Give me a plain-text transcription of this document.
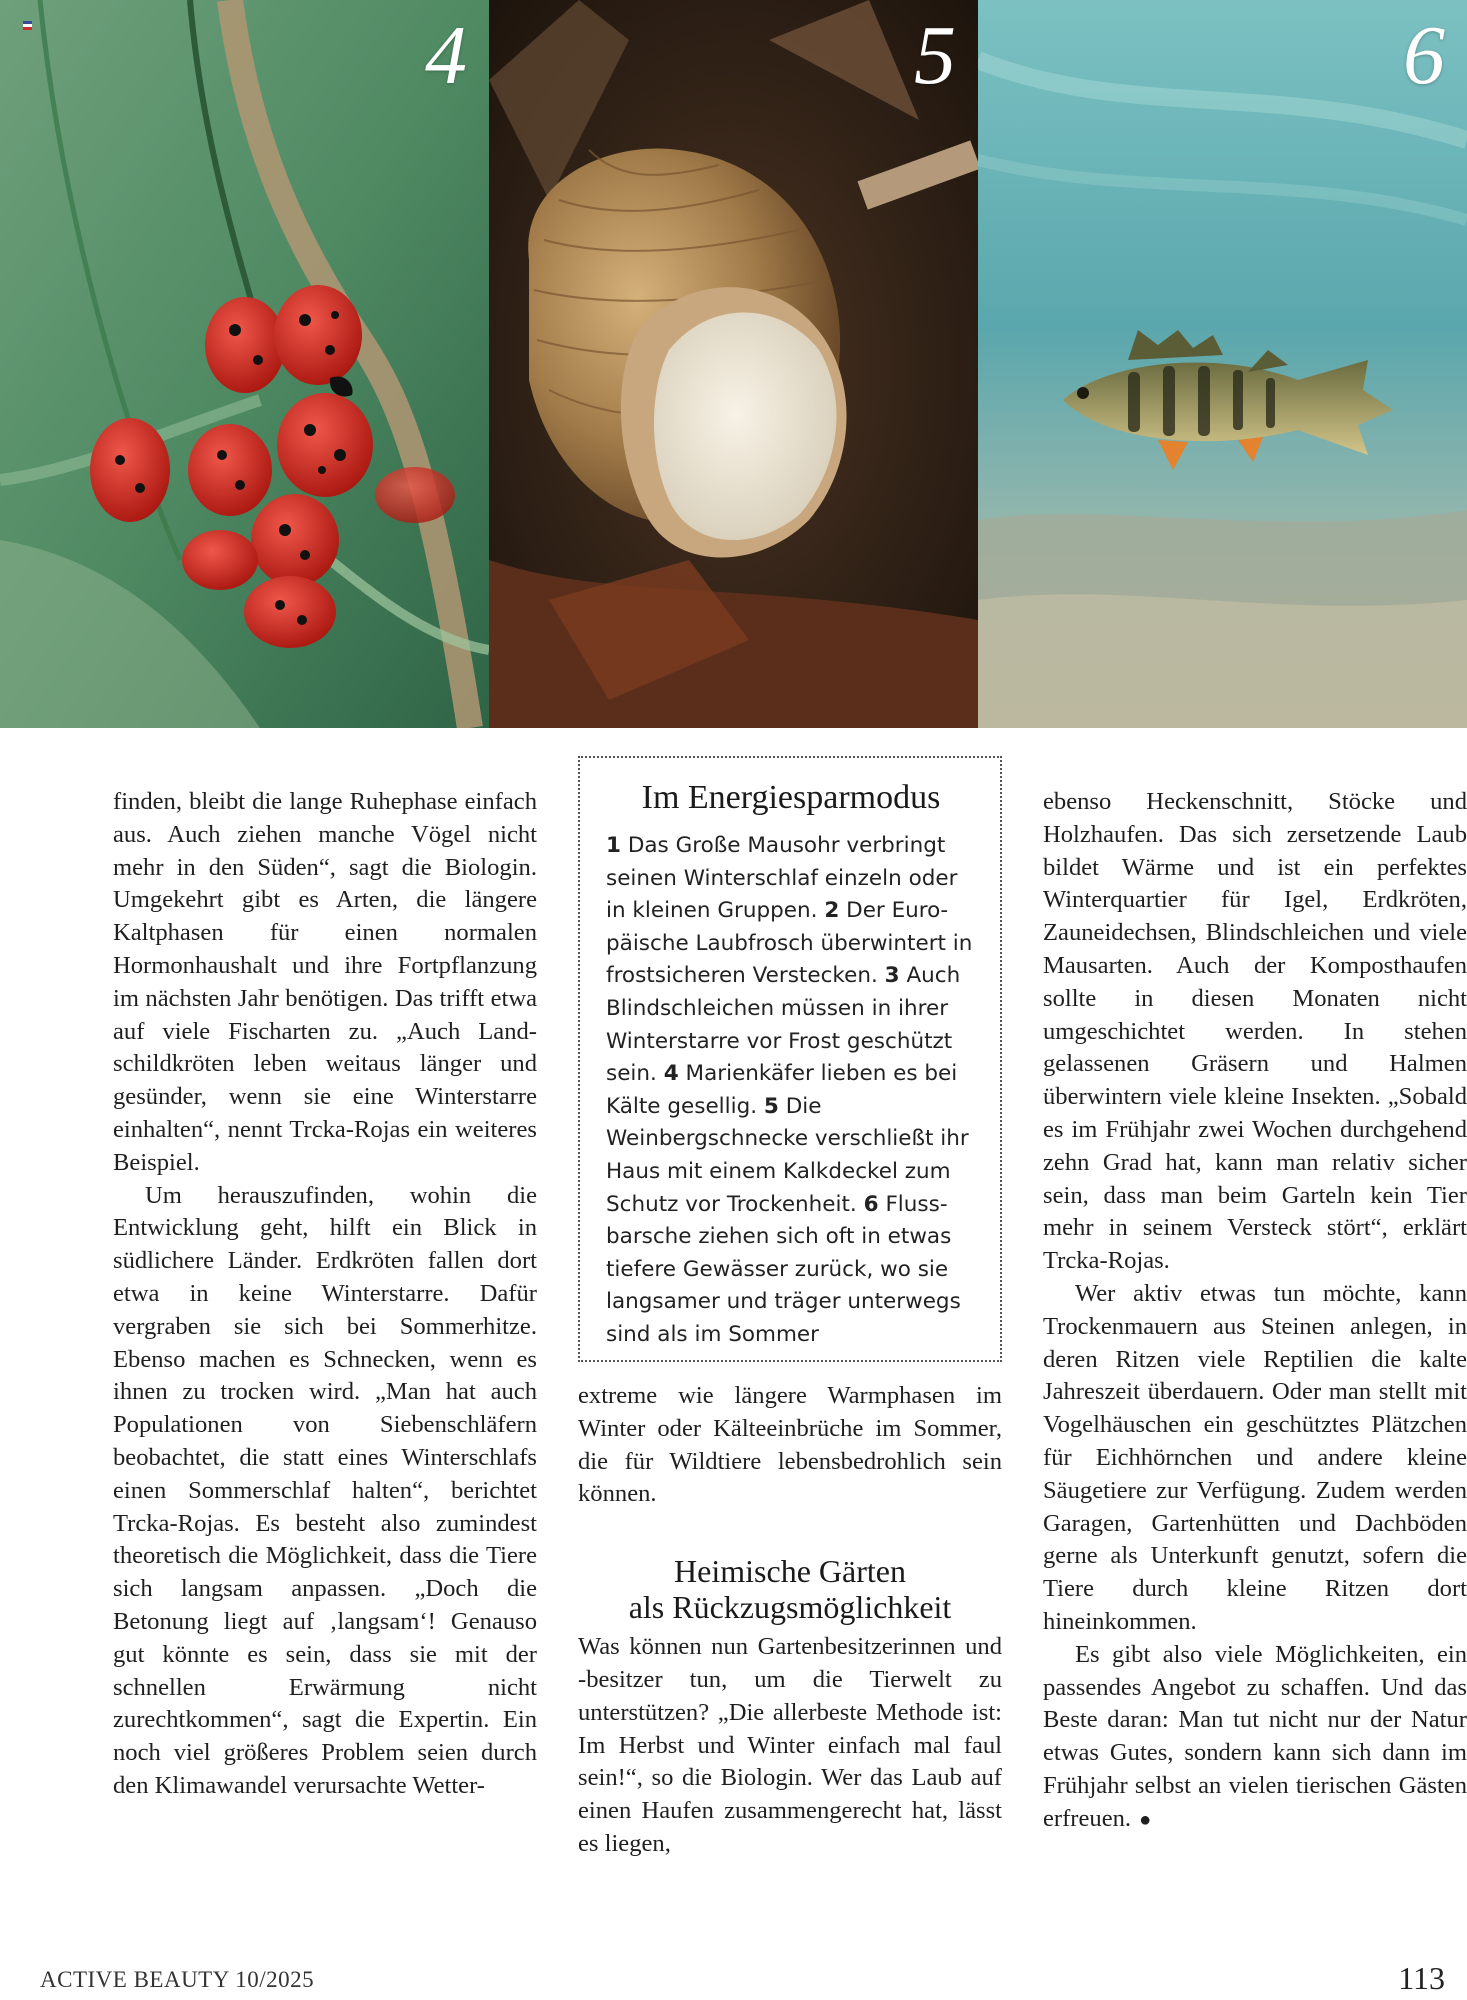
4	5	6

finden, bleibt die lange Ruhephase einfach aus. Auch ziehen manche Vögel nicht mehr in den Süden“, sagt die Biologin. Umgekehrt gibt es Arten, die längere Kaltphasen für einen normalen Hormonhaushalt und ihre Fortpflanzung im nächsten Jahr benötigen. Das trifft etwa auf viele Fischarten zu. „Auch Landschildkröten leben weitaus länger und gesünder, wenn sie eine Winterstarre einhalten“, nennt Trcka-Rojas ein weiteres Beispiel.

Um herauszufinden, wohin die Entwicklung geht, hilft ein Blick in südlichere Länder. Erdkröten fallen dort etwa in keine Winterstarre. Dafür vergraben sie sich bei Sommerhitze. Ebenso machen es Schnecken, wenn es ihnen zu trocken wird. „Man hat auch Populationen von Siebenschläfern beobachtet, die statt eines Winterschlafs einen Sommerschlaf halten“, berichtet Trcka-Rojas. Es besteht also zumindest theoretisch die Möglichkeit, dass die Tiere sich langsam anpassen. „Doch die Betonung liegt auf ‚langsam‘! Genauso gut könnte es sein, dass sie mit der schnellen Erwärmung nicht zurechtkommen“, sagt die Expertin. Ein noch viel größeres Problem seien durch den Klimawandel verursachte Wetter-

Im Energiesparmodus

1 Das Große Mausohr verbringt seinen Winterschlaf einzeln oder in kleinen Gruppen. 2 Der Europäische Laubfrosch überwintert in frostsicheren Verstecken. 3 Auch Blindschleichen müssen in ihrer Winterstarre vor Frost geschützt sein. 4 Marienkäfer lieben es bei Kälte gesellig. 5 Die Weinbergschnecke verschließt ihr Haus mit einem Kalkdeckel zum Schutz vor Trockenheit. 6 Flussbarsche ziehen sich oft in etwas tiefere Gewässer zurück, wo sie langsamer und träger unterwegs sind als im Sommer

extreme wie längere Warmphasen im Winter oder Kälteeinbrüche im Sommer, die für Wildtiere lebensbedrohlich sein können.

Heimische Gärten
als Rückzugsmöglichkeit

Was können nun Gartenbesitzerinnen und -besitzer tun, um die Tierwelt zu unterstützen? „Die allerbeste Methode ist: Im Herbst und Winter einfach mal faul sein!“, so die Biologin. Wer das Laub auf einen Haufen zusammengerecht hat, lässt es liegen,

ebenso Heckenschnitt, Stöcke und Holzhaufen. Das sich zersetzende Laub bildet Wärme und ist ein perfektes Winterquartier für Igel, Erdkröten, Zauneidechsen, Blindschleichen und viele Mausarten. Auch der Komposthaufen sollte in diesen Monaten nicht umgeschichtet werden. In stehen gelassenen Gräsern und Halmen überwintern viele kleine Insekten. „Sobald es im Frühjahr zwei Wochen durchgehend zehn Grad hat, kann man relativ sicher sein, dass man beim Garteln kein Tier mehr in seinem Versteck stört“, erklärt Trcka-Rojas.

Wer aktiv etwas tun möchte, kann Trockenmauern aus Steinen anlegen, in deren Ritzen viele Reptilien die kalte Jahreszeit überdauern. Oder man stellt mit Vogelhäuschen ein geschütztes Plätzchen für Eichhörnchen und andere kleine Säugetiere zur Verfügung. Zudem werden Garagen, Gartenhütten und Dachböden gerne als Unterkunft genutzt, sofern die Tiere durch kleine Ritzen dort hineinkommen.

Es gibt also viele Möglichkeiten, ein passendes Angebot zu schaffen. Und das Beste daran: Man tut nicht nur der Natur etwas Gutes, sondern kann sich dann im Frühjahr selbst an vielen tierischen Gästen erfreuen. ●

ACTIVE BEAUTY 10/2025	113
